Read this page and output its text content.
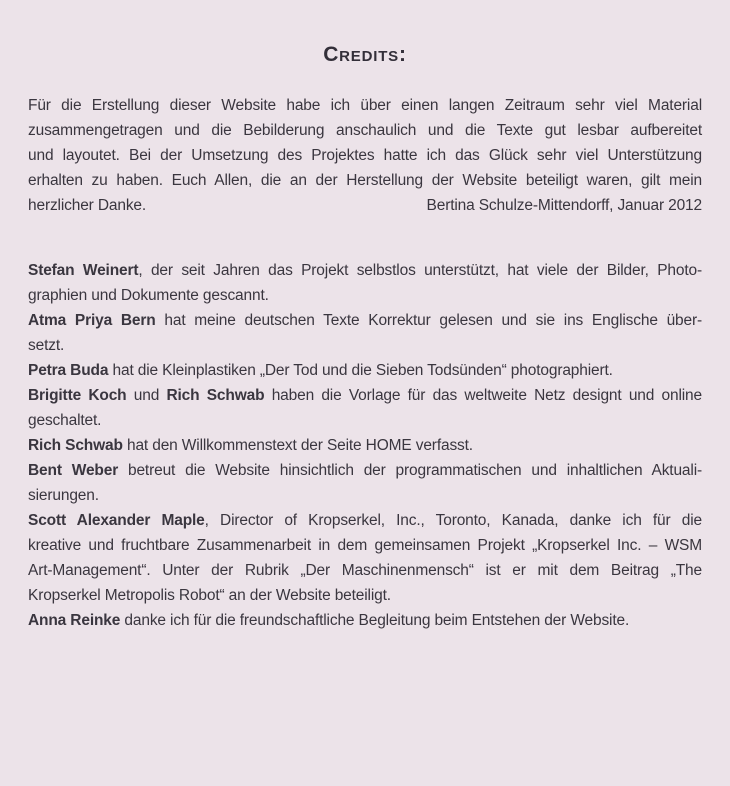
Credits:
Für die Erstellung dieser Website habe ich über einen langen Zeitraum sehr viel Material
zusammengetragen und die Bebilderung anschaulich und die Texte gut lesbar aufbereitet
und layoutet. Bei der Umsetzung des Projektes hatte ich das Glück sehr viel Unterstützung
erhalten zu haben. Euch Allen, die an der Herstellung der Website beteiligt waren, gilt mein
herzlicher Danke.	Bertina Schulze-Mittendorff, Januar 2012
Stefan Weinert, der seit Jahren das Projekt selbstlos unterstützt, hat viele der Bilder, Photo-
graphien und Dokumente gescannt.
Atma Priya Bern hat meine deutschen Texte Korrektur gelesen und sie ins Englische über-
setzt.
Petra Buda hat die Kleinplastiken „Der Tod und die Sieben Todsünden“ photographiert.
Brigitte Koch und Rich Schwab haben die Vorlage für das weltweite Netz designt und online
geschaltet.
Rich Schwab hat den Willkommenstext der Seite HOME verfasst.
Bent Weber betreut die Website hinsichtlich der programmatischen und inhaltlichen Aktuali-
sierungen.
Scott Alexander Maple, Director of Kropserkel, Inc., Toronto, Kanada, danke ich für die
kreative und fruchtbare Zusammenarbeit in dem gemeinsamen Projekt „Kropserkel Inc. – WSM
Art-Management“. Unter der Rubrik „Der Maschinenmensch“ ist er mit dem Beitrag „The
Kropserkel Metropolis Robot“ an der Website beteiligt.
Anna Reinke danke ich für die freundschaftliche Begleitung beim Entstehen der Website.
